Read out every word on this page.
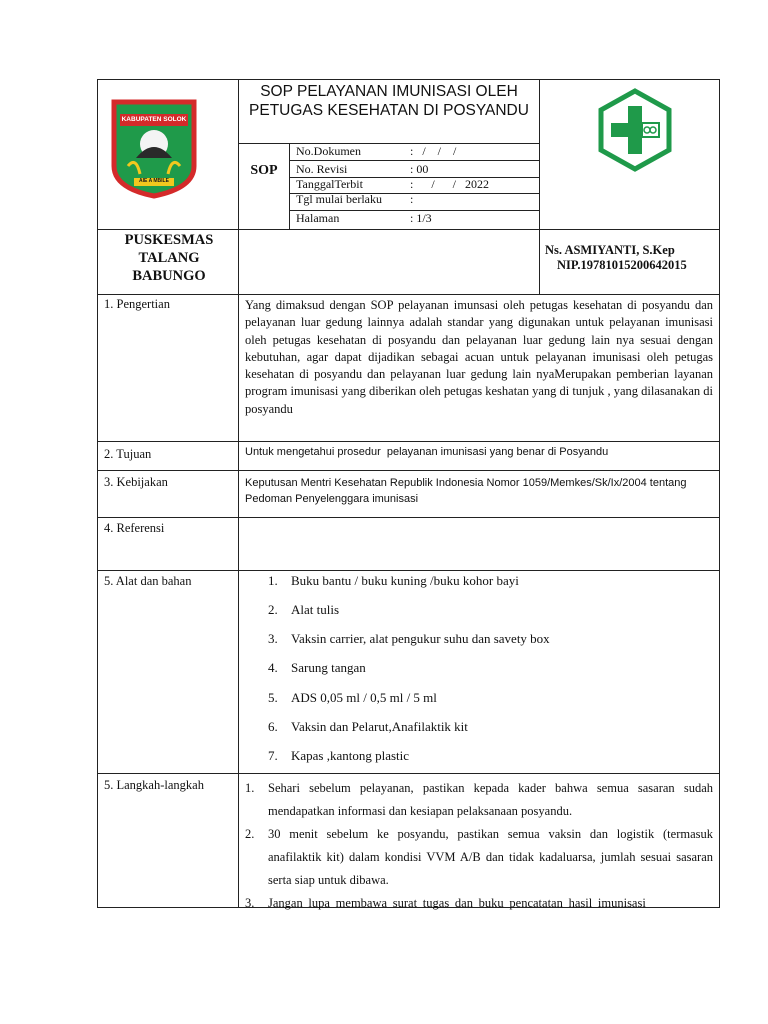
KABUPATEN SOLOK
AIE A MBILE
SOP PELAYANAN IMUNISASI OLEH PETUGAS KESEHATAN DI POSYANDU
SOP
No.Dokumen	:   /    /    /
No. Revisi	: 00
TanggalTerbit	:      /      /   2022
Tgl mulai berlaku :
Halaman	: 1/3
PUSKESMAS TALANG BABUNGO
Ns. ASMIYANTI, S.Kep
NIP.19781015200642015
1. Pengertian	Yang dimaksud dengan SOP pelayanan imunsasi oleh petugas kesehatan di posyandu dan pelayanan luar gedung lainnya adalah standar yang digunakan untuk pelayanan imunisasi oleh petugas kesehatan di posyandu dan pelayanan luar gedung lain nya sesuai dengan kebutuhan, agar dapat dijadikan sebagai acuan untuk pelayanan imunisasi oleh petugas kesehatan di posyandu dan pelayanan luar gedung lain nyaMerupakan pemberian layanan program imunisasi yang diberikan oleh petugas keshatan yang di tunjuk , yang dilasanakan di posyandu
2. Tujuan	Untuk mengetahui prosedur  pelayanan imunisasi yang benar di Posyandu
3. Kebijakan	Keputusan Mentri Kesehatan Republik Indonesia Nomor 1059/Memkes/Sk/Ix/2004 tentang Pedoman Penyelenggara imunisasi
4. Referensi
5. Alat dan bahan	1. Buku bantu / buku kuning /buku kohor bayi
2. Alat tulis
3. Vaksin carrier, alat pengukur suhu dan savety box
4. Sarung tangan
5. ADS 0,05 ml / 0,5 ml / 5 ml
6. Vaksin dan Pelarut,Anafilaktik kit
7. Kapas ,kantong plastic
5. Langkah-langkah	1. Sehari sebelum pelayanan, pastikan kepada kader bahwa semua sasaran sudah mendapatkan informasi dan kesiapan pelaksanaan posyandu.
2. 30 menit sebelum ke posyandu, pastikan semua vaksin dan logistik (termasuk anafilaktik kit) dalam kondisi VVM A/B dan tidak kadaluarsa, jumlah sesuai sasaran serta siap untuk dibawa.
3. Jangan lupa membawa surat tugas dan buku pencatatan hasil imunisasi
